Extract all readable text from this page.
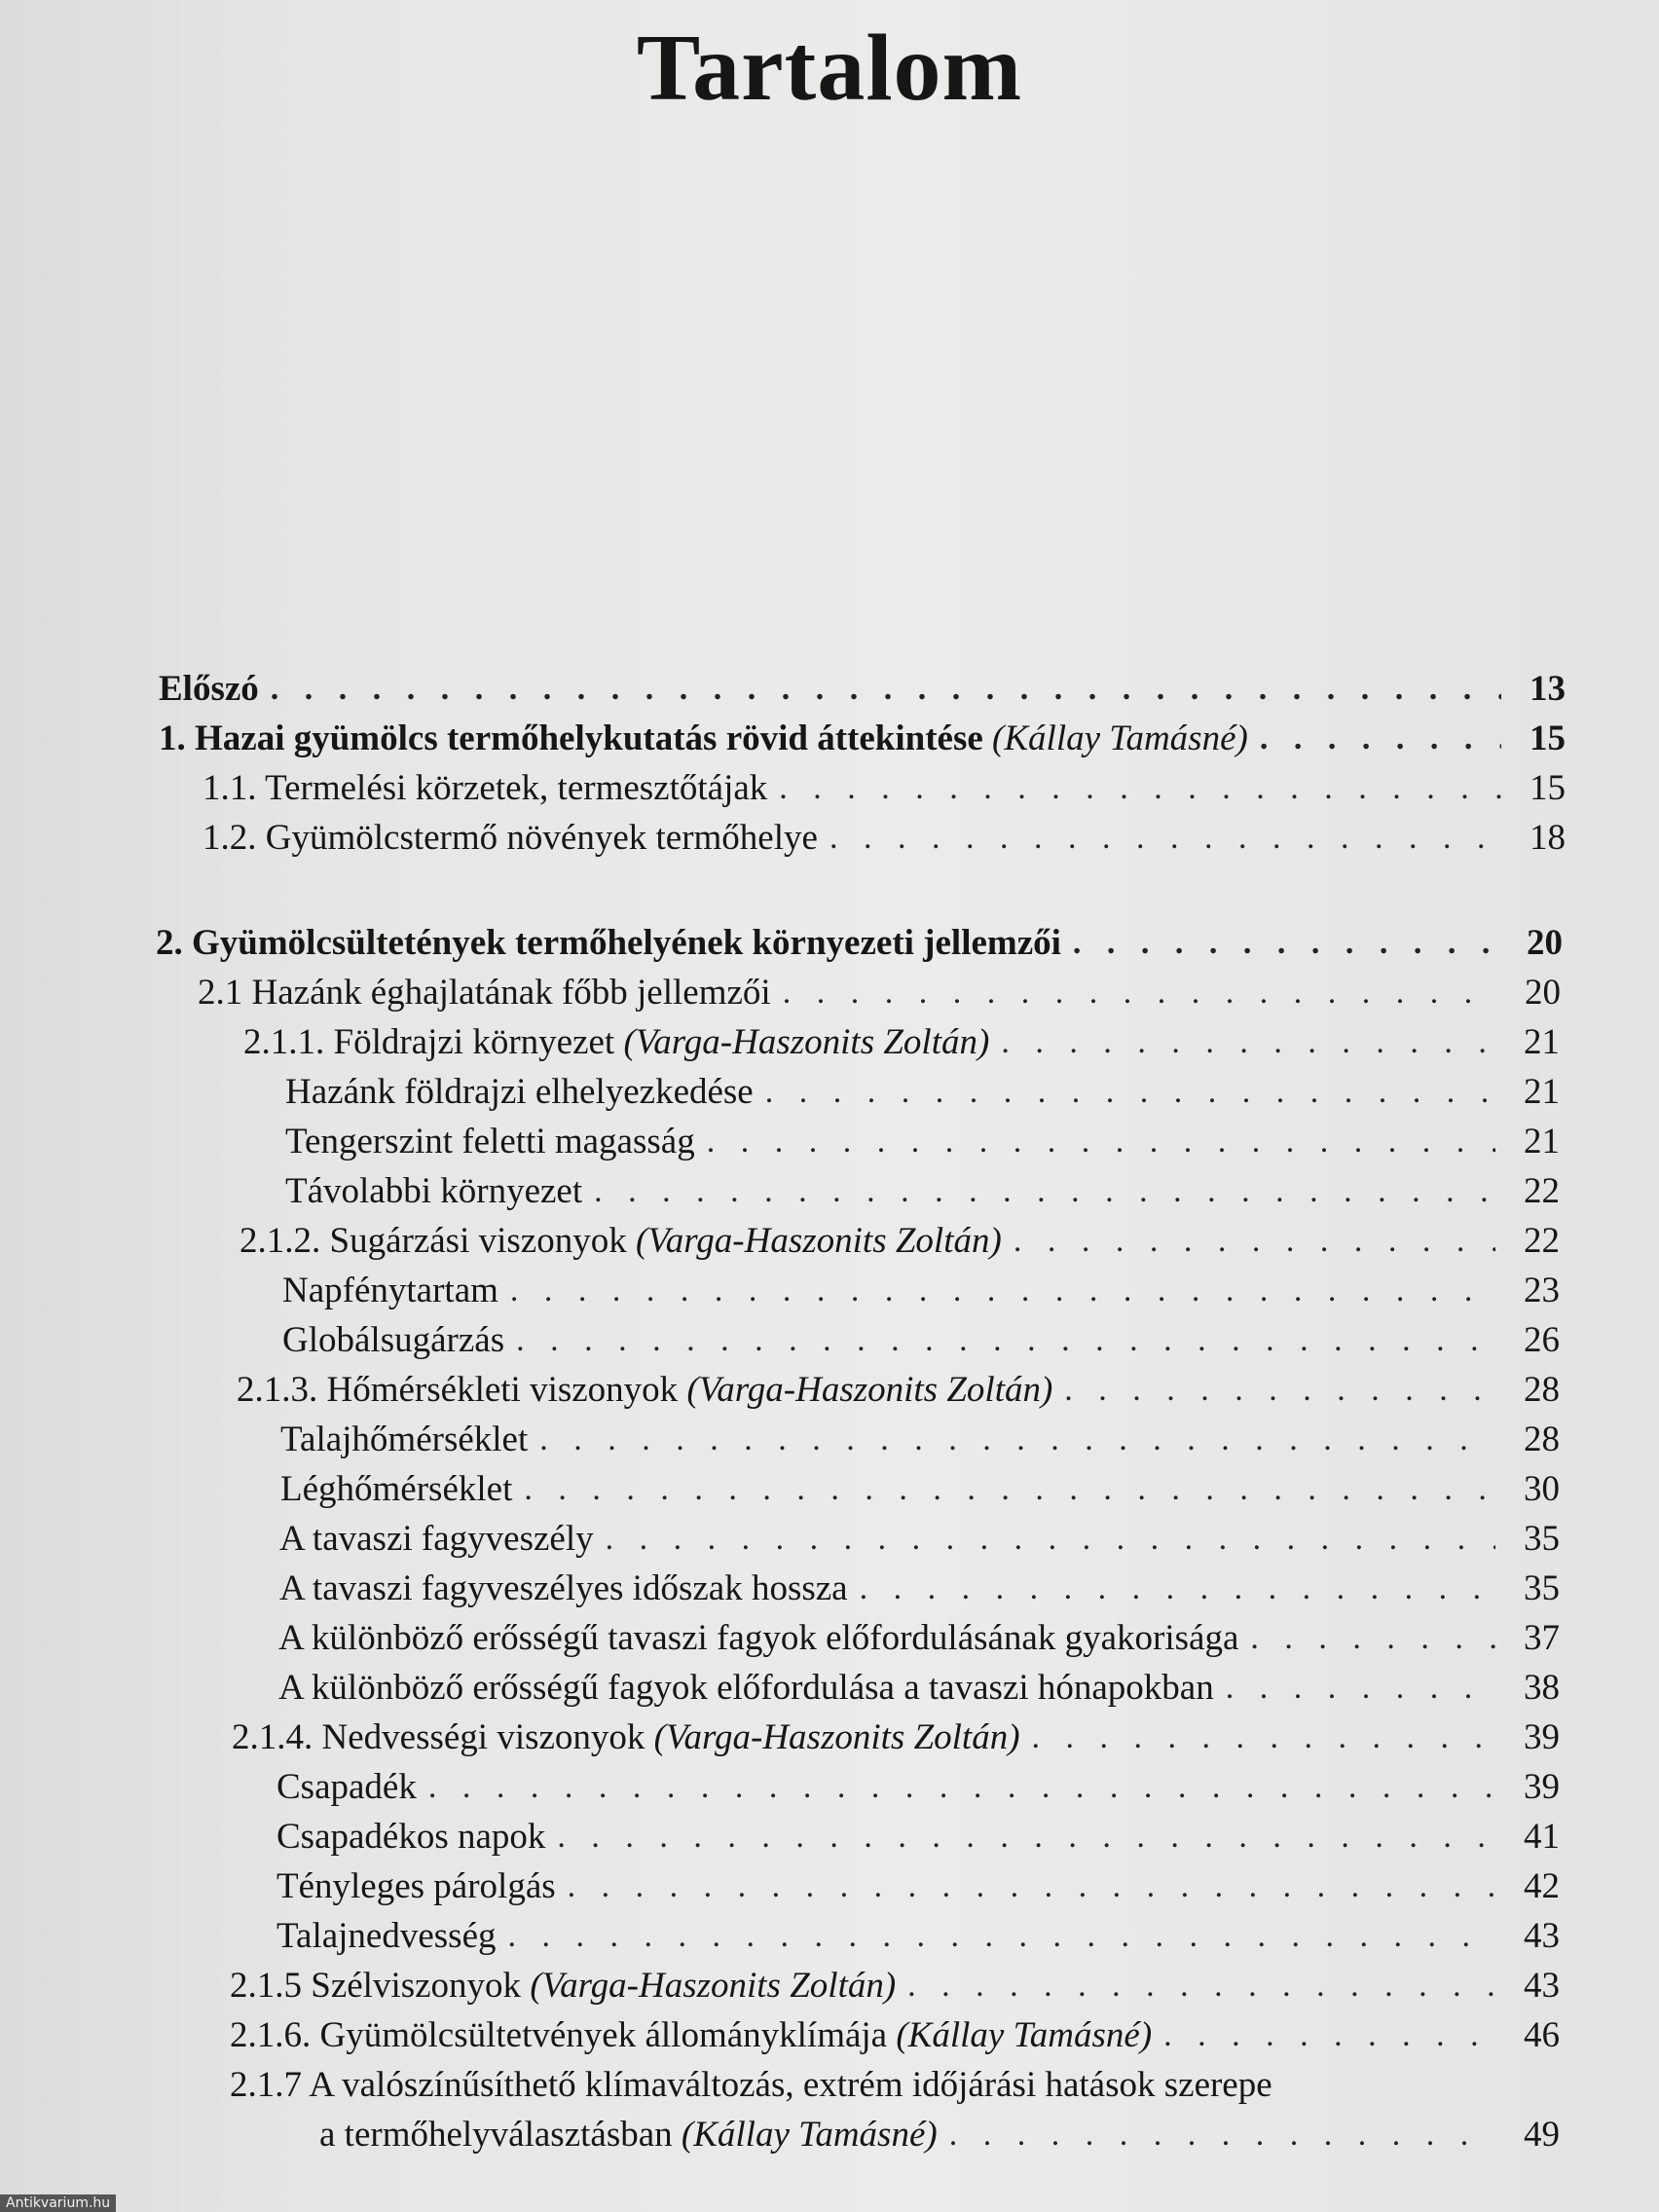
Tartalom
Előszó . . .	13
1. Hazai gyümölcs termőhelykutatás rövid áttekintése (Kállay Tamásné) . . .	15
1.1. Termelési körzetek, termesztőtájak . . .	15
1.2. Gyümölcstermő növények termőhelye . . .	18
2. Gyümölcsültetények termőhelyének környezeti jellemzői . . .	20
2.1 Hazánk éghajlatának főbb jellemzői . . .	20
2.1.1. Földrajzi környezet (Varga-Haszonits Zoltán) . . .	21
Hazánk földrajzi elhelyezkedése . . .	21
Tengerszint feletti magasság . . .	21
Távolabbi környezet . . .	22
2.1.2. Sugárzási viszonyok (Varga-Haszonits Zoltán) . . .	22
Napfénytartam . . .	23
Globálsugárzás . . .	26
2.1.3. Hőmérsékleti viszonyok (Varga-Haszonits Zoltán) . . .	28
Talajhőmérséklet . . .	28
Léghőmérséklet . . .	30
A tavaszi fagyveszély . . .	35
A tavaszi fagyveszélyes időszak hossza . . .	35
A különböző erősségű tavaszi fagyok előfordulásának gyakorisága . . .	37
A különböző erősségű fagyok előfordulása a tavaszi hónapokban . . .	38
2.1.4. Nedvességi viszonyok (Varga-Haszonits Zoltán) . . .	39
Csapadék . . .	39
Csapadékos napok . . .	41
Tényleges párolgás . . .	42
Talajnedvesség . . .	43
2.1.5 Szélviszonyok (Varga-Haszonits Zoltán) . . .	43
2.1.6. Gyümölcsültetvények állományklímája (Kállay Tamásné) . . .	46
2.1.7 A valószínűsíthető klímaváltozás, extrém időjárási hatások szerepe
a termőhelyválasztásban (Kállay Tamásné) . . .	49
Antikvarium.hu
